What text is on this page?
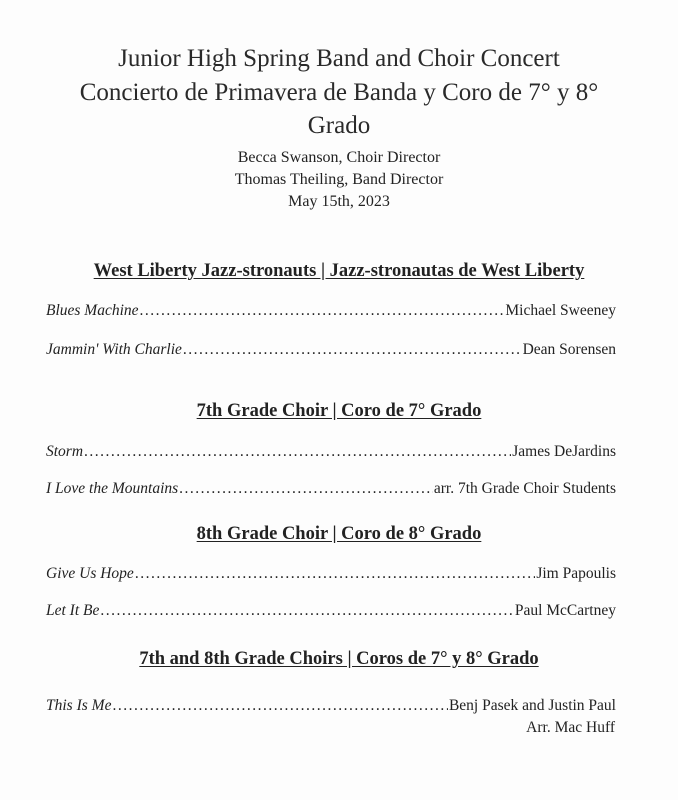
Junior High Spring Band and Choir Concert
Concierto de Primavera de Banda y Coro de 7° y 8°
Grado
Becca Swanson, Choir Director
Thomas Theiling, Band Director
May 15th, 2023
West Liberty Jazz-stronauts | Jazz-stronautas de West Liberty
Blues Machine .....	Michael Sweeney
Jammin' With Charlie .....	Dean Sorensen
7th Grade Choir | Coro de 7° Grado
Storm .....	James DeJardins
I Love the Mountains .....	arr. 7th Grade Choir Students
8th Grade Choir | Coro de 8° Grado
Give Us Hope .....	Jim Papoulis
Let It Be .....	Paul McCartney
7th and 8th Grade Choirs | Coros de 7° y 8° Grado
This Is Me .....	Benj Pasek and Justin Paul
Arr. Mac Huff
